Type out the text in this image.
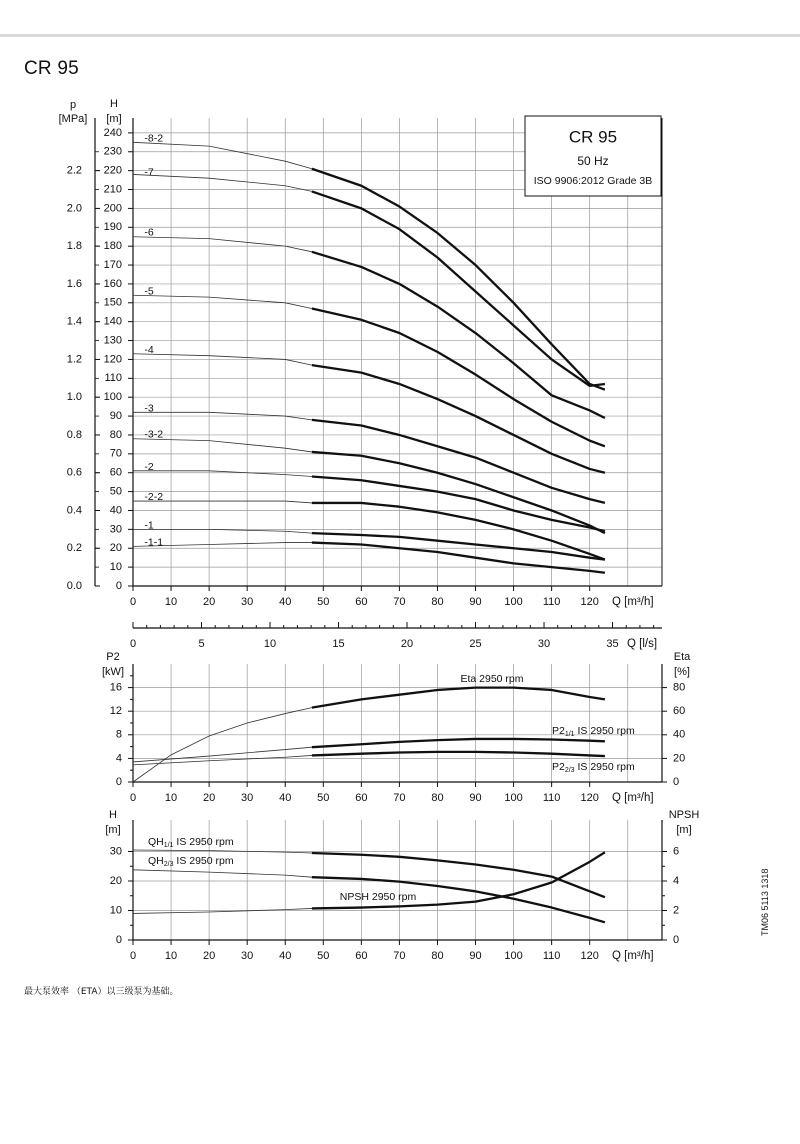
CR 95
0
10
20
30
40
50
60
70
80
90
100
110
120
130
140
150
160
170
180
190
200
210
220
230
240
0.0
0.2
0.4
0.6
0.8
1.0
1.2
1.4
1.6
1.8
2.0
2.2
p
[MPa]
H
[m]
0	10 20 30 40 50 60 70 80 90 100 110 120 Q [m³/h]
-8-2
-7
-6
-5
-4
-3
-3-2
-2
-2-2
-1
-1-1
CR 95
50 Hz
ISO 9906:2012 Grade 3B
0	5	10	15	20	25	30	35 Q [l/s]
0
4
8
12
16
0
20
40
60
80
P2
[kW]
Eta
[%]
0	10 20 30 40 50 60 70 80 90 100 110 120 Q [m³/h]
Eta 2950 rpm
$P2_{1/1}$ IS 2950 rpm
$P2_{2/3}$ IS 2950 rpm
0
10
20
30
0
2
4
6
H
[m]
NPSH
[m]
0	10 20 30 40 50 60 70 80 90 100 110 120 Q [m³/h]
$QH_{1/1}$ IS 2950 rpm
$QH_{2/3}$ IS 2950 rpm
NPSH 2950 rpm	TM06 5113 1318
最大泵效率 （ETA）以三级泵为基础。
